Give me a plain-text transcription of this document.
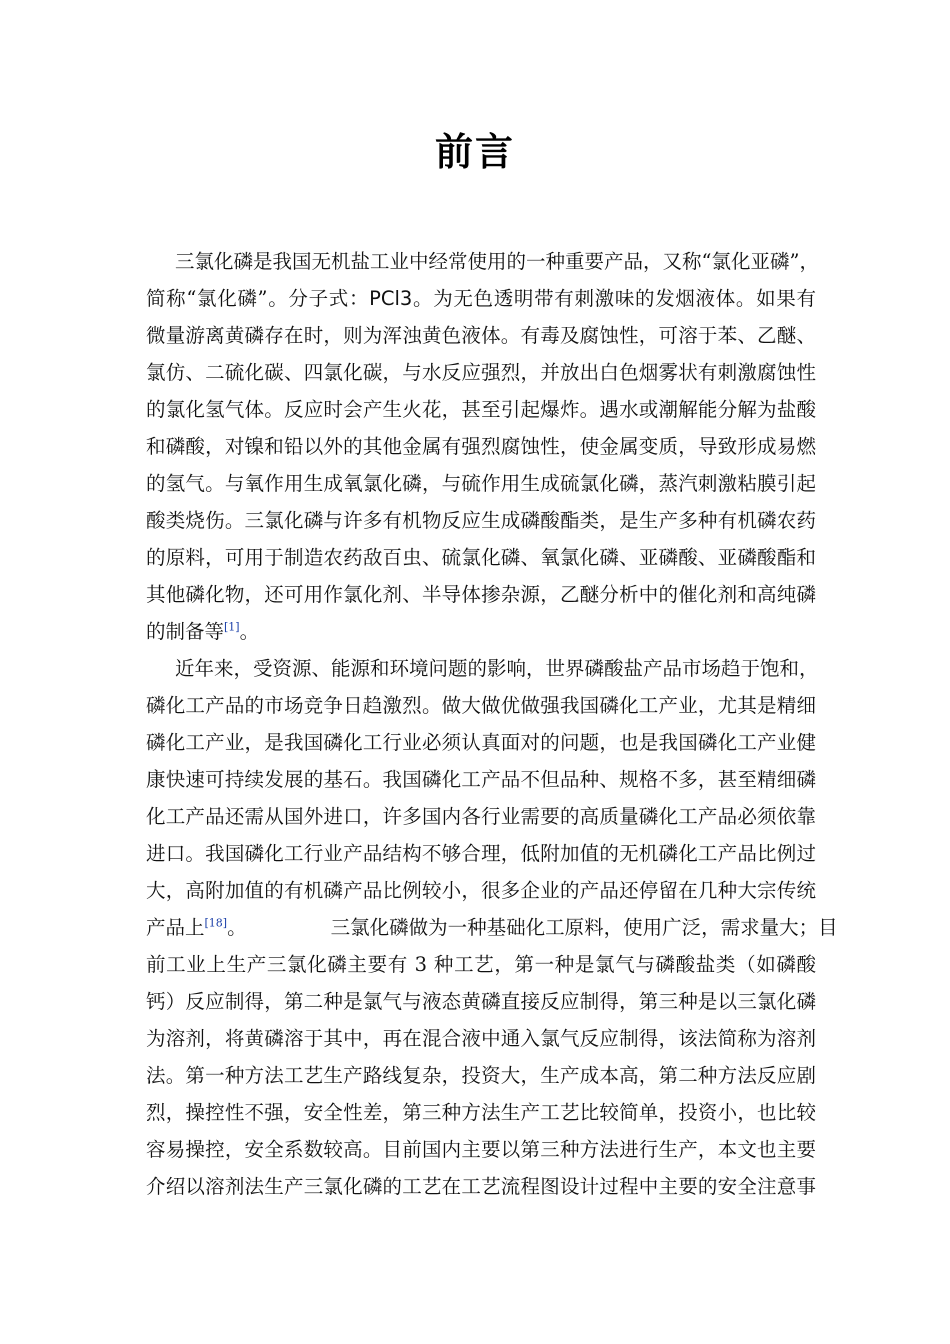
前言
三氯化磷是我国无机盐工业中经常使用的一种重要产品，又称“氯化亚磷”，
简称“氯化磷”。分子式：PCl3。为无色透明带有刺激味的发烟液体。如果有
微量游离黄磷存在时，则为浑浊黄色液体。有毒及腐蚀性，可溶于苯、乙醚、
氯仿、二硫化碳、四氯化碳，与水反应强烈，并放出白色烟雾状有刺激腐蚀性
的氯化氢气体。反应时会产生火花，甚至引起爆炸。遇水或潮解能分解为盐酸
和磷酸，对镍和铅以外的其他金属有强烈腐蚀性，使金属变质，导致形成易燃
的氢气。与氧作用生成氧氯化磷，与硫作用生成硫氯化磷，蒸汽刺激粘膜引起
酸类烧伤。三氯化磷与许多有机物反应生成磷酸酯类，是生产多种有机磷农药
的原料，可用于制造农药敌百虫、硫氯化磷、氧氯化磷、亚磷酸、亚磷酸酯和
其他磷化物，还可用作氯化剂、半导体掺杂源，乙醚分析中的催化剂和高纯磷
的制备等[1]。
近年来，受资源、能源和环境问题的影响，世界磷酸盐产品市场趋于饱和，
磷化工产品的市场竞争日趋激烈。做大做优做强我国磷化工产业，尤其是精细
磷化工产业，是我国磷化工行业必须认真面对的问题，也是我国磷化工产业健
康快速可持续发展的基石。我国磷化工产品不但品种、规格不多，甚至精细磷
化工产品还需从国外进口，许多国内各行业需要的高质量磷化工产品必须依靠
进口。我国磷化工行业产品结构不够合理，低附加值的无机磷化工产品比例过
大，高附加值的有机磷产品比例较小，很多企业的产品还停留在几种大宗传统
产品上[18]。	三氯化磷做为一种基础化工原料，使用广泛，需求量大；目
前工业上生产三氯化磷主要有 3 种工艺，第一种是氯气与磷酸盐类（如磷酸
钙）反应制得，第二种是氯气与液态黄磷直接反应制得，第三种是以三氯化磷
为溶剂，将黄磷溶于其中，再在混合液中通入氯气反应制得，该法简称为溶剂
法。第一种方法工艺生产路线复杂，投资大，生产成本高，第二种方法反应剧
烈，操控性不强，安全性差，第三种方法生产工艺比较简单，投资小，也比较
容易操控，安全系数较高。目前国内主要以第三种方法进行生产，本文也主要
介绍以溶剂法生产三氯化磷的工艺在工艺流程图设计过程中主要的安全注意事
